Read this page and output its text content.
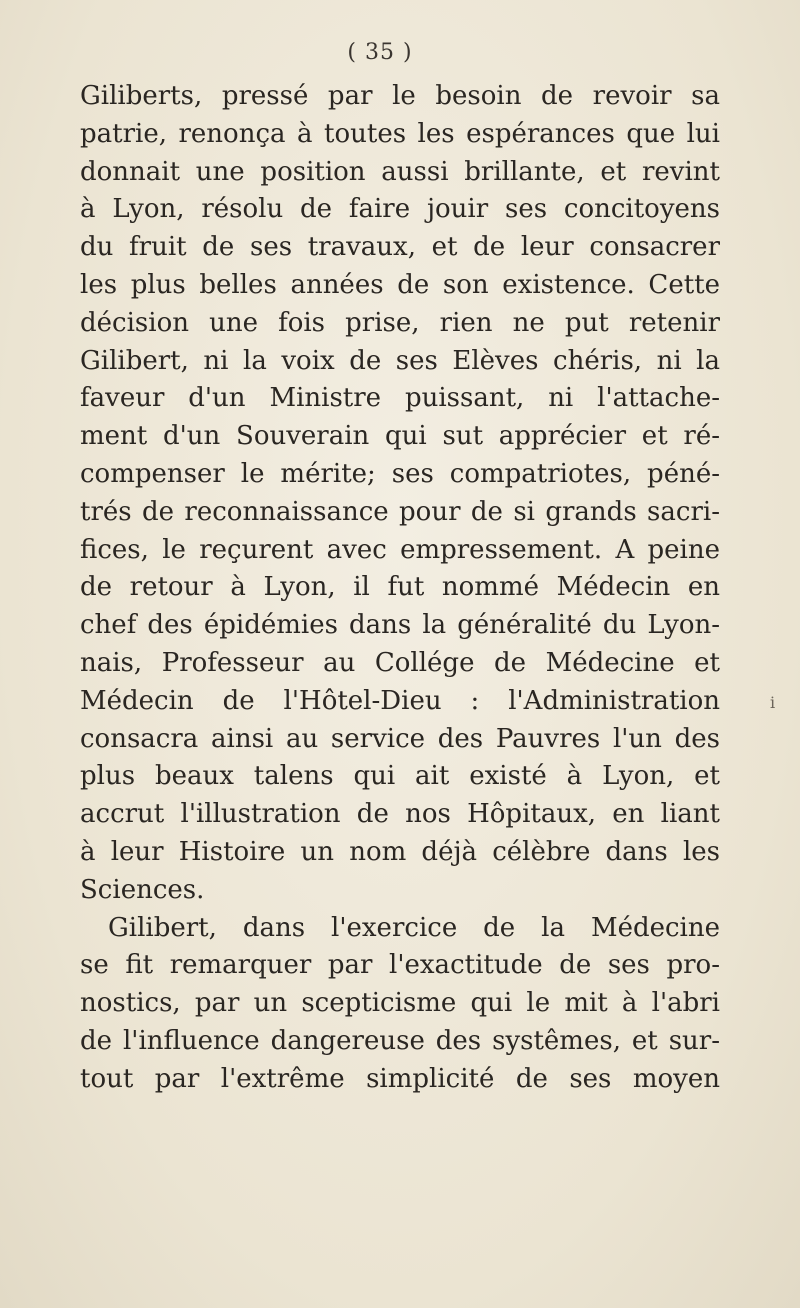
( 35 )
Giliberts, pressé par le besoin de revoir sa
patrie, renonça à toutes les espérances que lui
donnait une position aussi brillante, et revint
à Lyon, résolu de faire jouir ses concitoyens
du fruit de ses travaux, et de leur consacrer
les plus belles années de son existence. Cette
décision une fois prise, rien ne put retenir
Gilibert, ni la voix de ses Elèves chéris, ni la
faveur d'un Ministre puissant, ni l'attache-
ment d'un Souverain qui sut apprécier et ré-
compenser le mérite; ses compatriotes, péné-
trés de reconnaissance pour de si grands sacri-
fices, le reçurent avec empressement. A peine
de retour à Lyon, il fut nommé Médecin en
chef des épidémies dans la généralité du Lyon-
nais, Professeur au Collége de Médecine et
Médecin de l'Hôtel-Dieu : l'Administration
consacra ainsi au service des Pauvres l'un des
plus beaux talens qui ait existé à Lyon, et
accrut l'illustration de nos Hôpitaux, en liant
à leur Histoire un nom déjà célèbre dans les
Sciences.
Gilibert, dans l'exercice de la Médecine
se fit remarquer par l'exactitude de ses pro-
nostics, par un scepticisme qui le mit à l'abri
de l'influence dangereuse des systêmes, et sur-
tout par l'extrême simplicité de ses moyen
i
